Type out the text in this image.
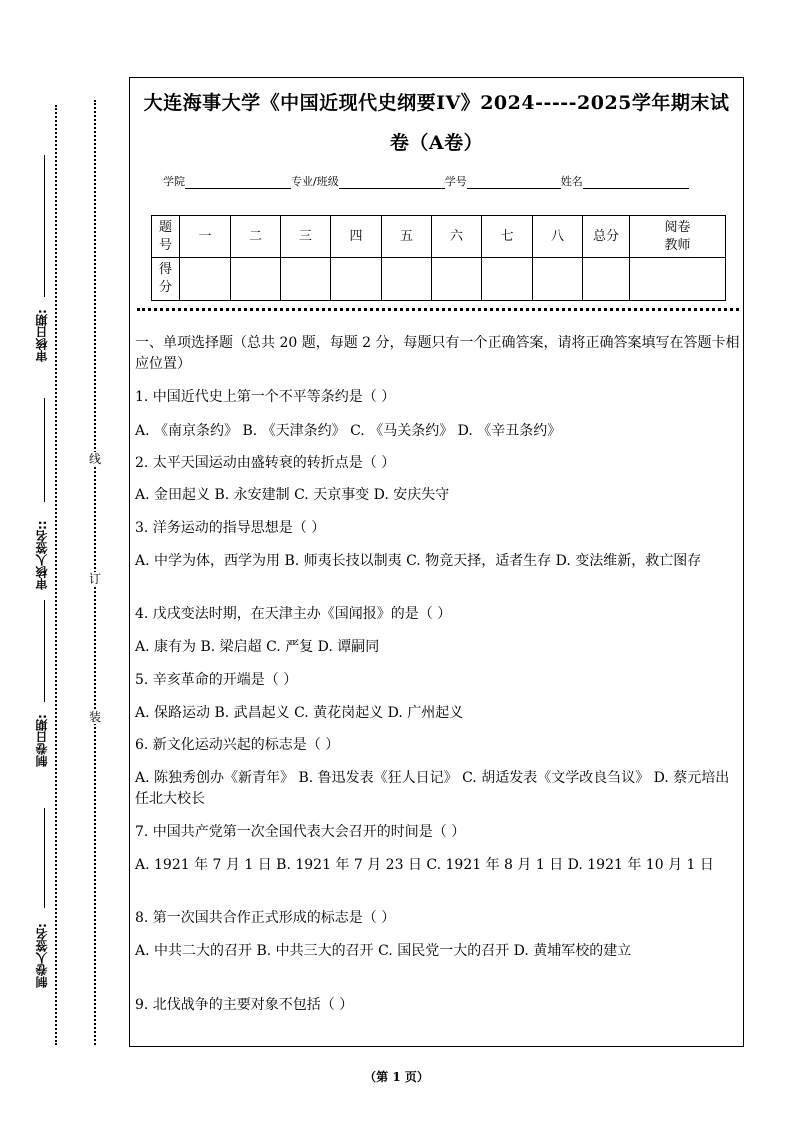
审核日期:
审核人签名::
制卷日期:
制卷人签名:
线
订
装
大连海事大学《中国近现代史纲要IV》2024-----2025学年期末试
卷（A卷）
学院	专业/班级	学号	姓名
题号	一	二	三	四	五	六	七	八	总分	阅卷教师
得分										
一、单项选择题（总共 20 题，每题 2 分，每题只有一个正确答案，请将正确答案填写在答题卡相应位置）
1. 中国近代史上第一个不平等条约是（ ）
A. 《南京条约》 B. 《天津条约》 C. 《马关条约》 D. 《辛丑条约》
2. 太平天国运动由盛转衰的转折点是（ ）
A. 金田起义 B. 永安建制 C. 天京事变 D. 安庆失守
3. 洋务运动的指导思想是（ ）
A. 中学为体，西学为用 B. 师夷长技以制夷 C. 物竞天择，适者生存 D. 变法维新，救亡图存
4. 戊戌变法时期，在天津主办《国闻报》的是（ ）
A. 康有为 B. 梁启超 C. 严复 D. 谭嗣同
5. 辛亥革命的开端是（ ）
A. 保路运动 B. 武昌起义 C. 黄花岗起义 D. 广州起义
6. 新文化运动兴起的标志是（ ）
A. 陈独秀创办《新青年》 B. 鲁迅发表《狂人日记》 C. 胡适发表《文学改良刍议》 D. 蔡元培出任北大校长
7. 中国共产党第一次全国代表大会召开的时间是（ ）
A. 1921 年 7 月 1 日 B. 1921 年 7 月 23 日 C. 1921 年 8 月 1 日 D. 1921 年 10 月 1 日
8. 第一次国共合作正式形成的标志是（ ）
A. 中共二大的召开 B. 中共三大的召开 C. 国民党一大的召开 D. 黄埔军校的建立
9. 北伐战争的主要对象不包括（ ）
（第 1 页）
